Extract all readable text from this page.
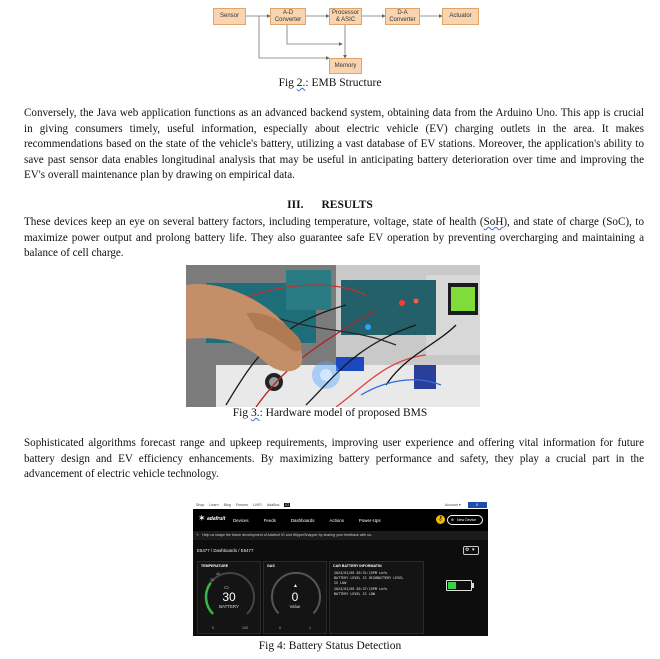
Sensor
A-D Converter
Processor & ASIC
D-A Converter
Actuator
Memory
Fig 2.: EMB Structure

Conversely, the Java web application functions as an advanced backend system, obtaining data from the Arduino Uno. This app is crucial in giving consumers timely, useful information, especially about electric vehicle (EV) charging outlets in the area. It makes recommendations based on the state of the vehicle's battery, utilizing a vast database of EV stations. Moreover, the application's ability to save past sensor data enables longitudinal analysis that may be useful in anticipating battery deterioration over time and improving the EV's overall maintenance plan by drawing on empirical data.

III. RESULTS

These devices keep an eye on several battery factors, including temperature, voltage, state of health (SoH), and state of charge (SoC), to maximize power output and prolong battery life. They also guarantee safe EV operation by preventing overcharging and maintaining a balance of cell charge.

Fig 3.: Hardware model of proposed BMS

Sophisticated algorithms forecast range and upkeep requirements, improving user experience and offering vital information for future battery design and EV efficiency enhancements. By maximizing battery performance and safety, they play a crucial part in the advancement of electric vehicle technology.

Shop Learn Blog Forums LIVE! AdaBox IO	Account ▾	0
✶ adafruit Devices	Feeds	Dashboards	Actions	Power-Ups	⚷	⊕ New Device
✎ Help us shape the future development of Adafruit IO and WipperSnapper by sharing your feedback with us.
E5477 / Dashboards / E5477	⚙ ▾
TEMPERATURE
20
40
▭
30
BATTERY
0	100
GAS
▲
0
Value
0	1
CAR BATTERY INFORMATIN
2024/01/05 03:31:15PM info
BATTERY LEVEL IS HIGHBATTERY LEVEL
IS LOW
2024/01/05 03:37:15PM info
BATTERY LEVEL IS LOW
Fig 4: Battery Status Detection
